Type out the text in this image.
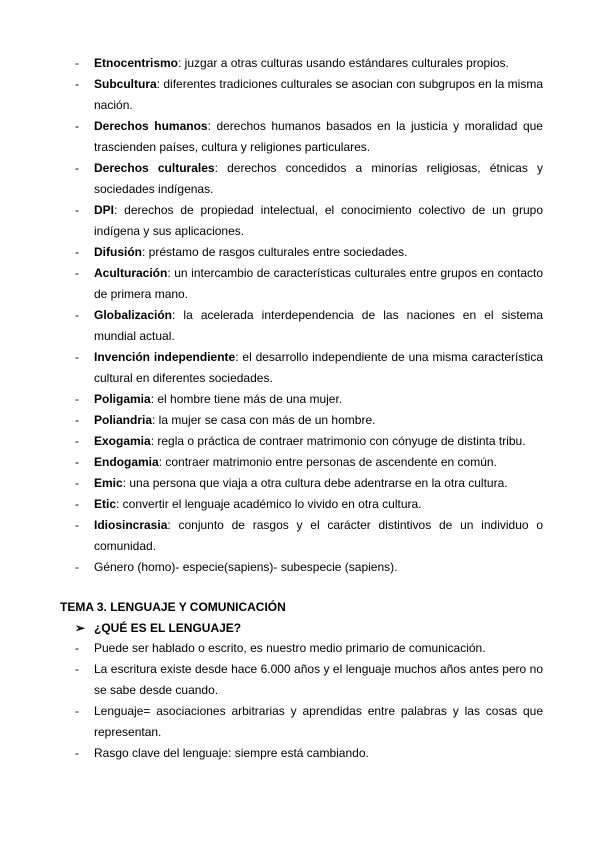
- Etnocentrismo: juzgar a otras culturas usando estándares culturales propios.
- Subcultura: diferentes tradiciones culturales se asocian con subgrupos en la misma nación.
- Derechos humanos: derechos humanos basados en la justicia y moralidad que trascienden países, cultura y religiones particulares.
- Derechos culturales: derechos concedidos a minorías religiosas, étnicas y sociedades indígenas.
- DPI: derechos de propiedad intelectual, el conocimiento colectivo de un grupo indígena y sus aplicaciones.
- Difusión: préstamo de rasgos culturales entre sociedades.
- Aculturación: un intercambio de características culturales entre grupos en contacto de primera mano.
- Globalización: la acelerada interdependencia de las naciones en el sistema mundial actual.
- Invención independiente: el desarrollo independiente de una misma característica cultural en diferentes sociedades.
- Poligamia: el hombre tiene más de una mujer.
- Poliandria: la mujer se casa con más de un hombre.
- Exogamia: regla o práctica de contraer matrimonio con cónyuge de distinta tribu.
- Endogamia: contraer matrimonio entre personas de ascendente en común.
- Emic: una persona que viaja a otra cultura debe adentrarse en la otra cultura.
- Etic: convertir el lenguaje académico lo vivido en otra cultura.
- Idiosincrasia: conjunto de rasgos y el carácter distintivos de un individuo o comunidad.
- Género (homo)- especie(sapiens)- subespecie (sapiens).
TEMA 3. LENGUAJE Y COMUNICACIÓN
➢ ¿QUÉ ES EL LENGUAJE?
- Puede ser hablado o escrito, es nuestro medio primario de comunicación.
- La escritura existe desde hace 6.000 años y el lenguaje muchos años antes pero no se sabe desde cuando.
- Lenguaje= asociaciones arbitrarias y aprendidas entre palabras y las cosas que representan.
- Rasgo clave del lenguaje: siempre está cambiando.
